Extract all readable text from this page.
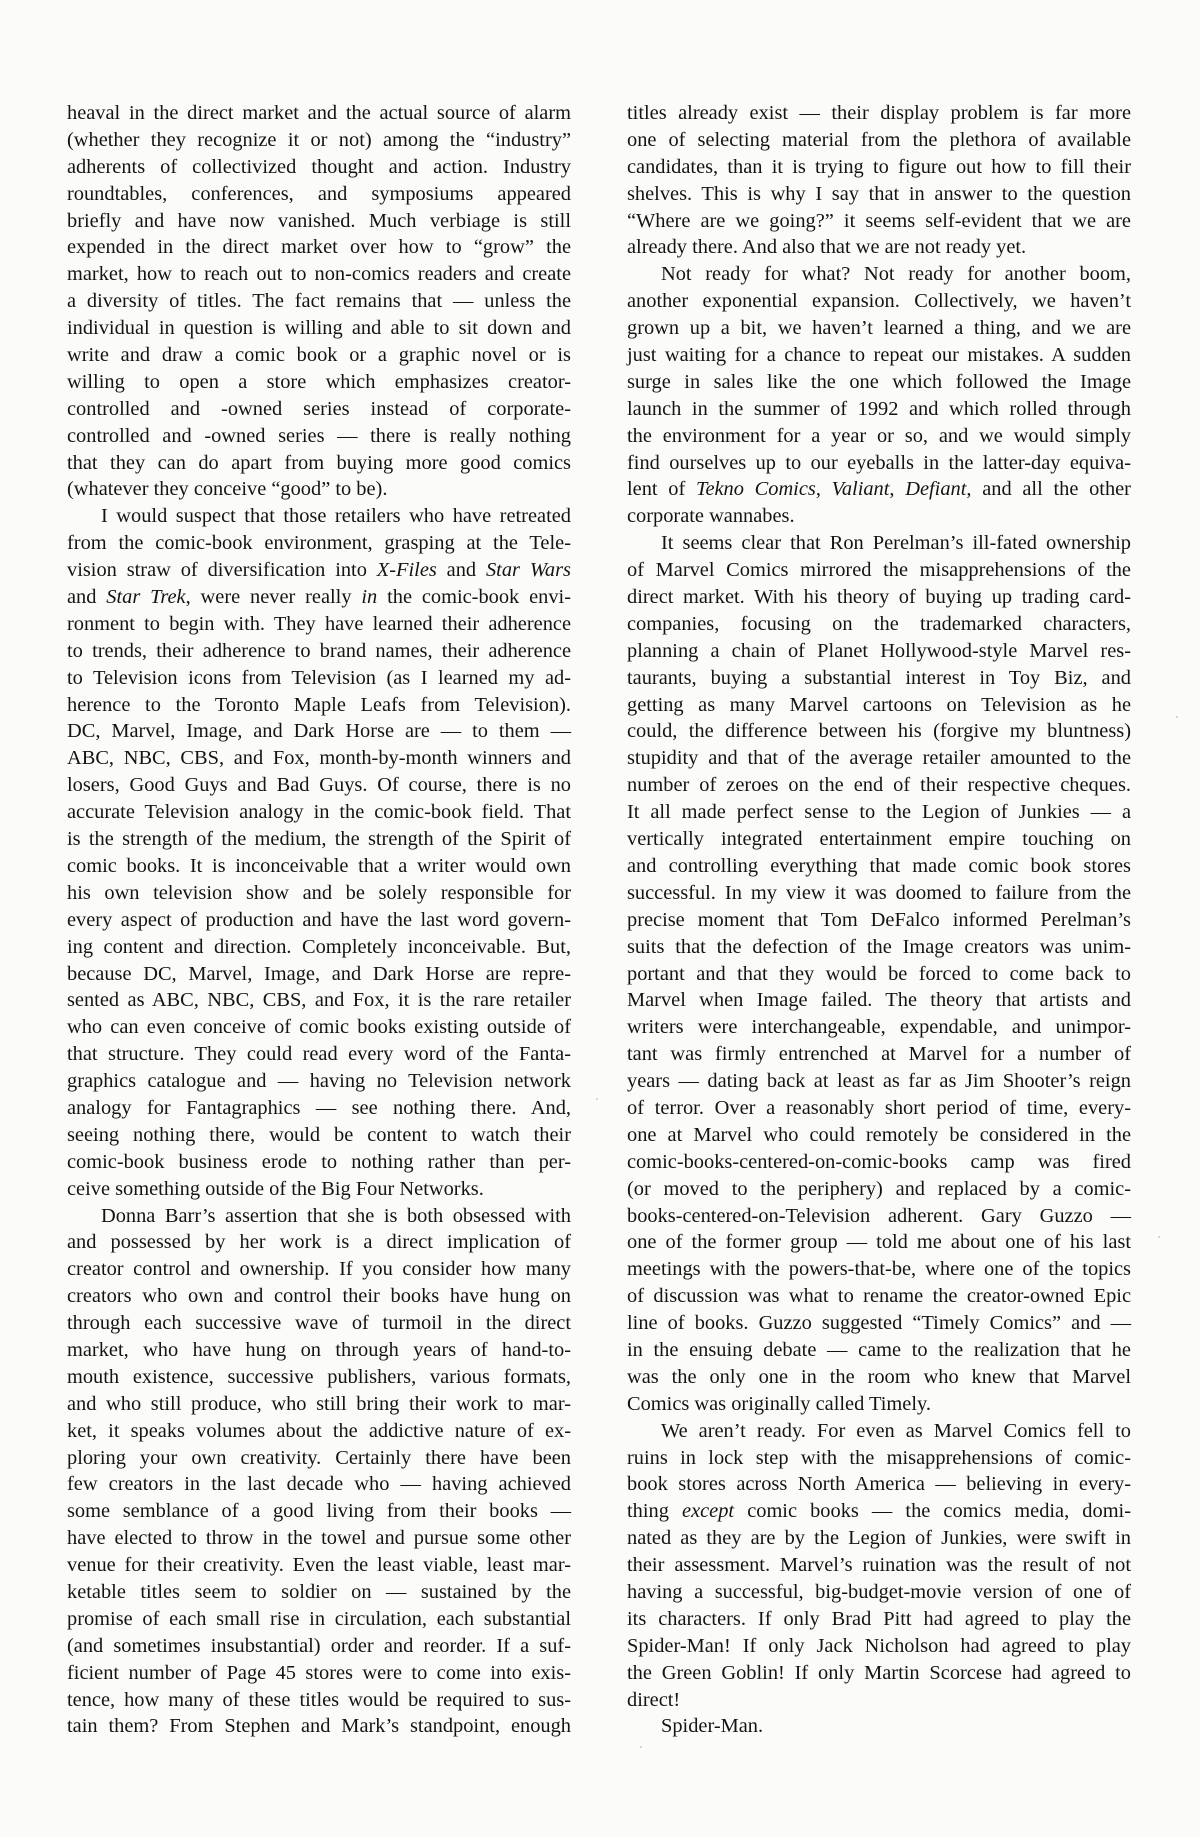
heaval in the direct market and the actual source of alarm
(whether they recognize it or not) among the “industry”
adherents of collectivized thought and action. Industry
roundtables, conferences, and symposiums appeared
briefly and have now vanished. Much verbiage is still
expended in the direct market over how to “grow” the
market, how to reach out to non-comics readers and create
a diversity of titles. The fact remains that — unless the
individual in question is willing and able to sit down and
write and draw a comic book or a graphic novel or is
willing to open a store which emphasizes creator-
controlled and -owned series instead of corporate-
controlled and -owned series — there is really nothing
that they can do apart from buying more good comics
(whatever they conceive “good” to be).
I would suspect that those retailers who have retreated
from the comic-book environment, grasping at the Tele-
vision straw of diversification into X-Files and Star Wars
and Star Trek, were never really in the comic-book envi-
ronment to begin with. They have learned their adherence
to trends, their adherence to brand names, their adherence
to Television icons from Television (as I learned my ad-
herence to the Toronto Maple Leafs from Television).
DC, Marvel, Image, and Dark Horse are — to them —
ABC, NBC, CBS, and Fox, month-by-month winners and
losers, Good Guys and Bad Guys. Of course, there is no
accurate Television analogy in the comic-book field. That
is the strength of the medium, the strength of the Spirit of
comic books. It is inconceivable that a writer would own
his own television show and be solely responsible for
every aspect of production and have the last word govern-
ing content and direction. Completely inconceivable. But,
because DC, Marvel, Image, and Dark Horse are repre-
sented as ABC, NBC, CBS, and Fox, it is the rare retailer
who can even conceive of comic books existing outside of
that structure. They could read every word of the Fanta-
graphics catalogue and — having no Television network
analogy for Fantagraphics — see nothing there. And,
seeing nothing there, would be content to watch their
comic-book business erode to nothing rather than per-
ceive something outside of the Big Four Networks.
Donna Barr’s assertion that she is both obsessed with
and possessed by her work is a direct implication of
creator control and ownership. If you consider how many
creators who own and control their books have hung on
through each successive wave of turmoil in the direct
market, who have hung on through years of hand-to-
mouth existence, successive publishers, various formats,
and who still produce, who still bring their work to mar-
ket, it speaks volumes about the addictive nature of ex-
ploring your own creativity. Certainly there have been
few creators in the last decade who — having achieved
some semblance of a good living from their books —
have elected to throw in the towel and pursue some other
venue for their creativity. Even the least viable, least mar-
ketable titles seem to soldier on — sustained by the
promise of each small rise in circulation, each substantial
(and sometimes insubstantial) order and reorder. If a suf-
ficient number of Page 45 stores were to come into exis-
tence, how many of these titles would be required to sus-
tain them? From Stephen and Mark’s standpoint, enough
titles already exist — their display problem is far more
one of selecting material from the plethora of available
candidates, than it is trying to figure out how to fill their
shelves. This is why I say that in answer to the question
“Where are we going?” it seems self-evident that we are
already there. And also that we are not ready yet.
Not ready for what? Not ready for another boom,
another exponential expansion. Collectively, we haven’t
grown up a bit, we haven’t learned a thing, and we are
just waiting for a chance to repeat our mistakes. A sudden
surge in sales like the one which followed the Image
launch in the summer of 1992 and which rolled through
the environment for a year or so, and we would simply
find ourselves up to our eyeballs in the latter-day equiva-
lent of Tekno Comics, Valiant, Defiant, and all the other
corporate wannabes.
It seems clear that Ron Perelman’s ill-fated ownership
of Marvel Comics mirrored the misapprehensions of the
direct market. With his theory of buying up trading card-
companies, focusing on the trademarked characters,
planning a chain of Planet Hollywood-style Marvel res-
taurants, buying a substantial interest in Toy Biz, and
getting as many Marvel cartoons on Television as he
could, the difference between his (forgive my bluntness)
stupidity and that of the average retailer amounted to the
number of zeroes on the end of their respective cheques.
It all made perfect sense to the Legion of Junkies — a
vertically integrated entertainment empire touching on
and controlling everything that made comic book stores
successful. In my view it was doomed to failure from the
precise moment that Tom DeFalco informed Perelman’s
suits that the defection of the Image creators was unim-
portant and that they would be forced to come back to
Marvel when Image failed. The theory that artists and
writers were interchangeable, expendable, and unimpor-
tant was firmly entrenched at Marvel for a number of
years — dating back at least as far as Jim Shooter’s reign
of terror. Over a reasonably short period of time, every-
one at Marvel who could remotely be considered in the
comic-books-centered-on-comic-books camp was fired
(or moved to the periphery) and replaced by a comic-
books-centered-on-Television adherent. Gary Guzzo —
one of the former group — told me about one of his last
meetings with the powers-that-be, where one of the topics
of discussion was what to rename the creator-owned Epic
line of books. Guzzo suggested “Timely Comics” and —
in the ensuing debate — came to the realization that he
was the only one in the room who knew that Marvel
Comics was originally called Timely.
We aren’t ready. For even as Marvel Comics fell to
ruins in lock step with the misapprehensions of comic-
book stores across North America — believing in every-
thing except comic books — the comics media, domi-
nated as they are by the Legion of Junkies, were swift in
their assessment. Marvel’s ruination was the result of not
having a successful, big-budget-movie version of one of
its characters. If only Brad Pitt had agreed to play the
Spider-Man! If only Jack Nicholson had agreed to play
the Green Goblin! If only Martin Scorcese had agreed to
direct!
Spider-Man.
